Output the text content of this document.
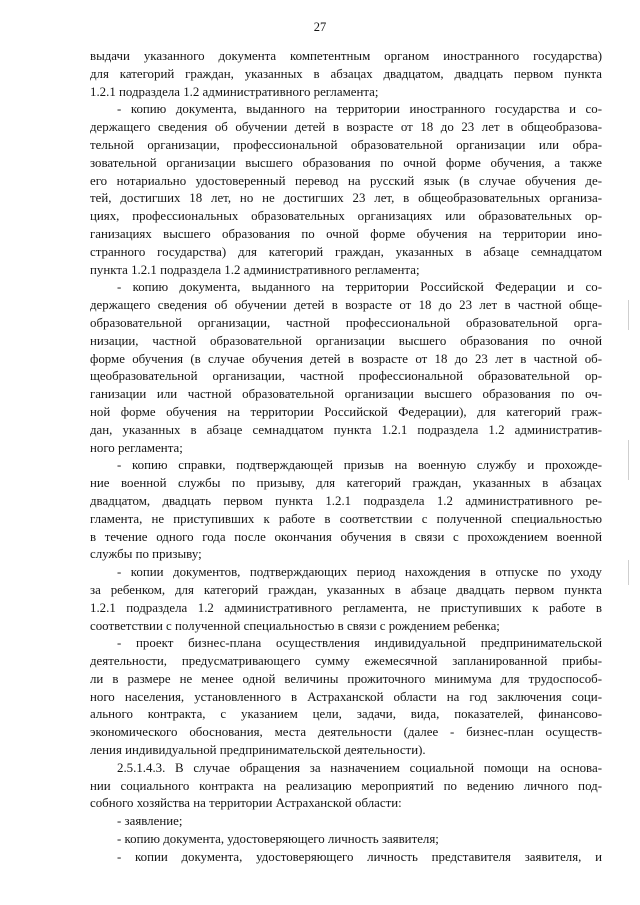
27
выдачи указанного документа компетентным органом иностранного государства)
для категорий граждан, указанных в абзацах двадцатом, двадцать первом пункта
1.2.1 подраздела 1.2 административного регламента;
- копию документа, выданного на территории иностранного государства и со-
держащего сведения об обучении детей в возрасте от 18 до 23 лет в общеобразова-
тельной организации, профессиональной образовательной организации или обра-
зовательной организации высшего образования по очной форме обучения, а также
его нотариально удостоверенный перевод на русский язык (в случае обучения де-
тей, достигших 18 лет, но не достигших 23 лет, в общеобразовательных организа-
циях, профессиональных образовательных организациях или образовательных ор-
ганизациях высшего образования по очной форме обучения на территории ино-
странного государства) для категорий граждан, указанных в абзаце семнадцатом
пункта 1.2.1 подраздела 1.2 административного регламента;
- копию документа, выданного на территории Российской Федерации и со-
держащего сведения об обучении детей в возрасте от 18 до 23 лет в частной обще-
образовательной организации, частной профессиональной образовательной орга-
низации, частной образовательной организации высшего образования по очной
форме обучения (в случае обучения детей в возрасте от 18 до 23 лет в частной об-
щеобразовательной организации, частной профессиональной образовательной ор-
ганизации или частной образовательной организации высшего образования по оч-
ной форме обучения на территории Российской Федерации), для категорий граж-
дан, указанных в абзаце семнадцатом пункта 1.2.1 подраздела 1.2 административ-
ного регламента;
- копию справки, подтверждающей призыв на военную службу и прохожде-
ние военной службы по призыву, для категорий граждан, указанных в абзацах
двадцатом, двадцать первом пункта 1.2.1 подраздела 1.2 административного ре-
гламента, не приступивших к работе в соответствии с полученной специальностью
в течение одного года после окончания обучения в связи с прохождением военной
службы по призыву;
- копии документов, подтверждающих период нахождения в отпуске по уходу
за ребенком, для категорий граждан, указанных в абзаце двадцать первом пункта
1.2.1 подраздела 1.2 административного регламента, не приступивших к работе в
соответствии с полученной специальностью в связи с рождением ребенка;
- проект бизнес-плана осуществления индивидуальной предпринимательской
деятельности, предусматривающего сумму ежемесячной запланированной прибы-
ли в размере не менее одной величины прожиточного минимума для трудоспособ-
ного населения, установленного в Астраханской области на год заключения соци-
ального контракта, с указанием цели, задачи, вида, показателей, финансово-
экономического обоснования, места деятельности (далее - бизнес-план осуществ-
ления индивидуальной предпринимательской деятельности).
2.5.1.4.3. В случае обращения за назначением социальной помощи на основа-
нии социального контракта на реализацию мероприятий по ведению личного под-
собного хозяйства на территории Астраханской области:
- заявление;
- копию документа, удостоверяющего личность заявителя;
- копии документа, удостоверяющего личность представителя заявителя, и
